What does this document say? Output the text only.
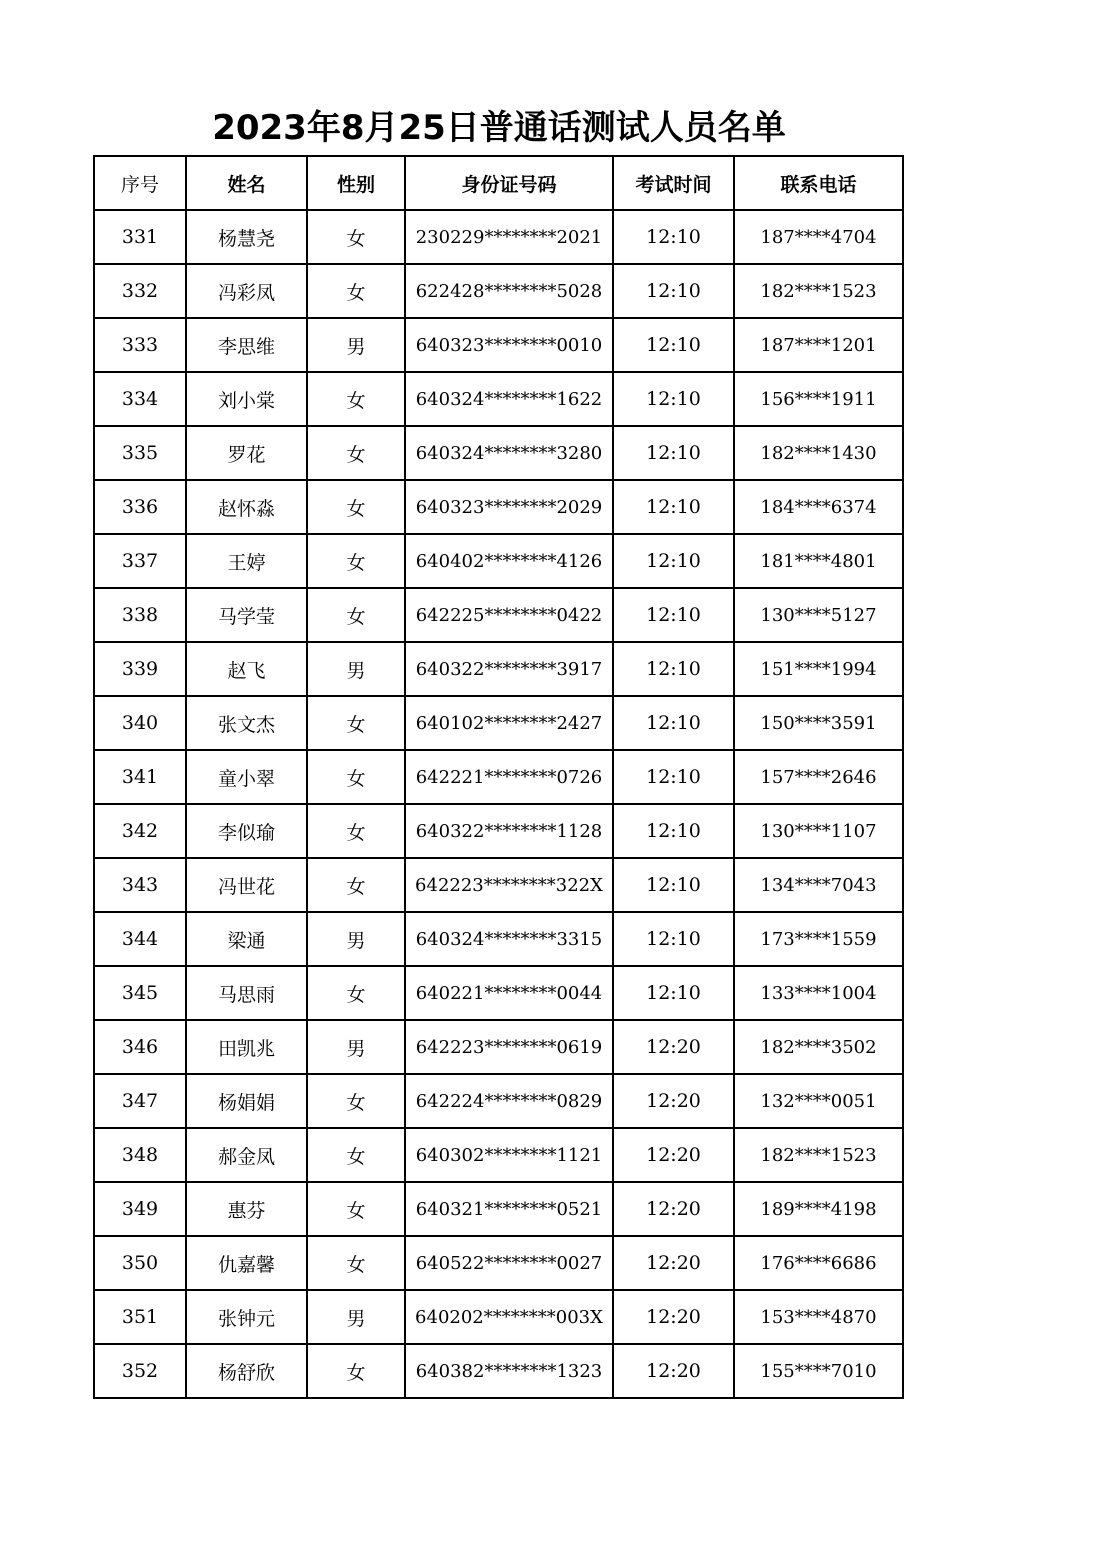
2023年8月25日普通话测试人员名单
序号	姓名	性别	身份证号码	考试时间	联系电话
331	杨慧尧	女	230229********2021	12:10	187****4704
332	冯彩凤	女	622428********5028	12:10	182****1523
333	李思维	男	640323********0010	12:10	187****1201
334	刘小棠	女	640324********1622	12:10	156****1911
335	罗花	女	640324********3280	12:10	182****1430
336	赵怀淼	女	640323********2029	12:10	184****6374
337	王婷	女	640402********4126	12:10	181****4801
338	马学莹	女	642225********0422	12:10	130****5127
339	赵飞	男	640322********3917	12:10	151****1994
340	张文杰	女	640102********2427	12:10	150****3591
341	童小翠	女	642221********0726	12:10	157****2646
342	李似瑜	女	640322********1128	12:10	130****1107
343	冯世花	女	642223********322X	12:10	134****7043
344	梁通	男	640324********3315	12:10	173****1559
345	马思雨	女	640221********0044	12:10	133****1004
346	田凯兆	男	642223********0619	12:20	182****3502
347	杨娟娟	女	642224********0829	12:20	132****0051
348	郝金凤	女	640302********1121	12:20	182****1523
349	惠芬	女	640321********0521	12:20	189****4198
350	仇嘉馨	女	640522********0027	12:20	176****6686
351	张钟元	男	640202********003X	12:20	153****4870
352	杨舒欣	女	640382********1323	12:20	155****7010
